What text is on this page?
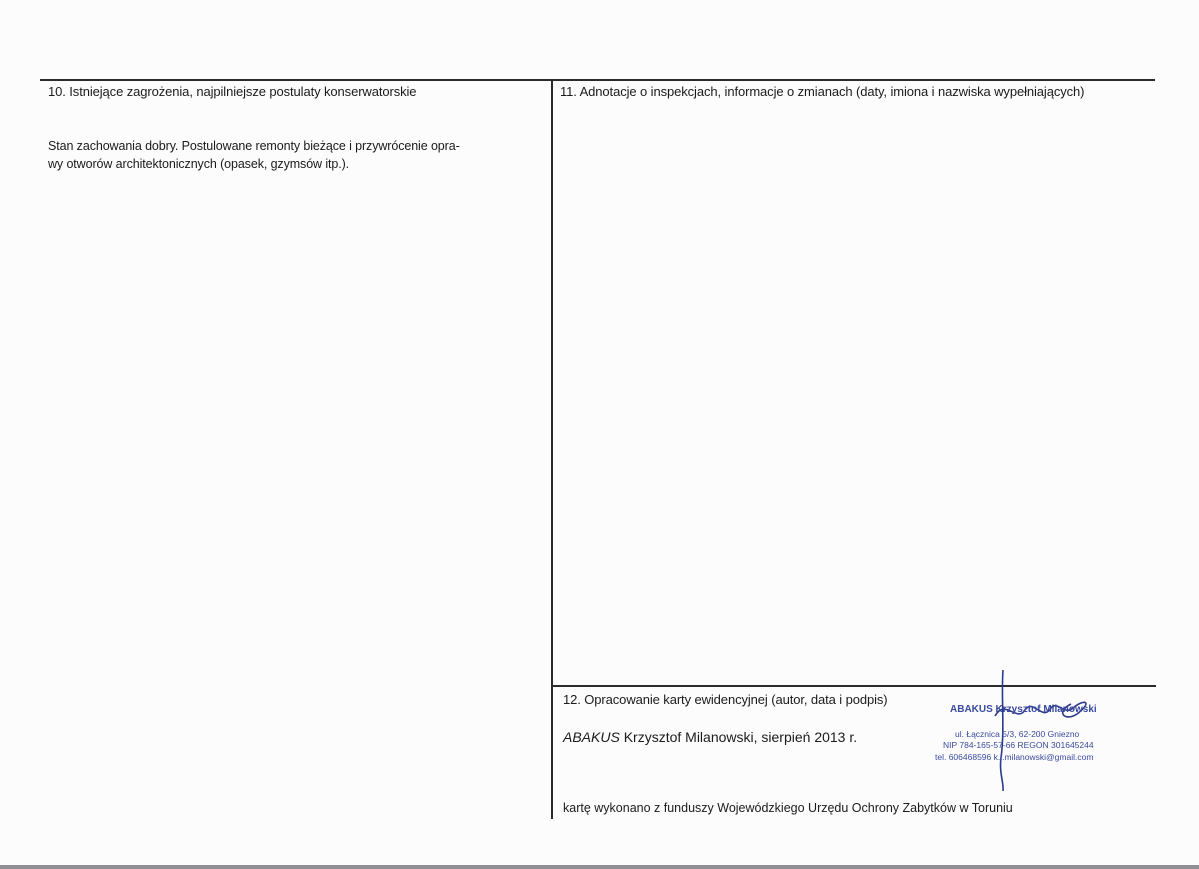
10. Istniejące zagrożenia, najpilniejsze postulaty konserwatorskie
Stan zachowania dobry. Postulowane remonty bieżące i przywrócenie opra-
wy otworów architektonicznych (opasek, gzymsów itp.).
11. Adnotacje o inspekcjach, informacje o zmianach (daty, imiona i nazwiska wypełniających)
12. Opracowanie karty ewidencyjnej (autor, data i podpis)
ABAKUS Krzysztof Milanowski, sierpień 2013 r.
ABAKUS Krzysztof Milanowski
ul. Łącznica 5/3, 62-200 Gniezno
NIP 784-165-57-66 REGON 301645244
tel. 606468596 k.j.milanowski@gmail.com
kartę wykonano z funduszy Wojewódzkiego Urzędu Ochrony Zabytków w Toruniu
